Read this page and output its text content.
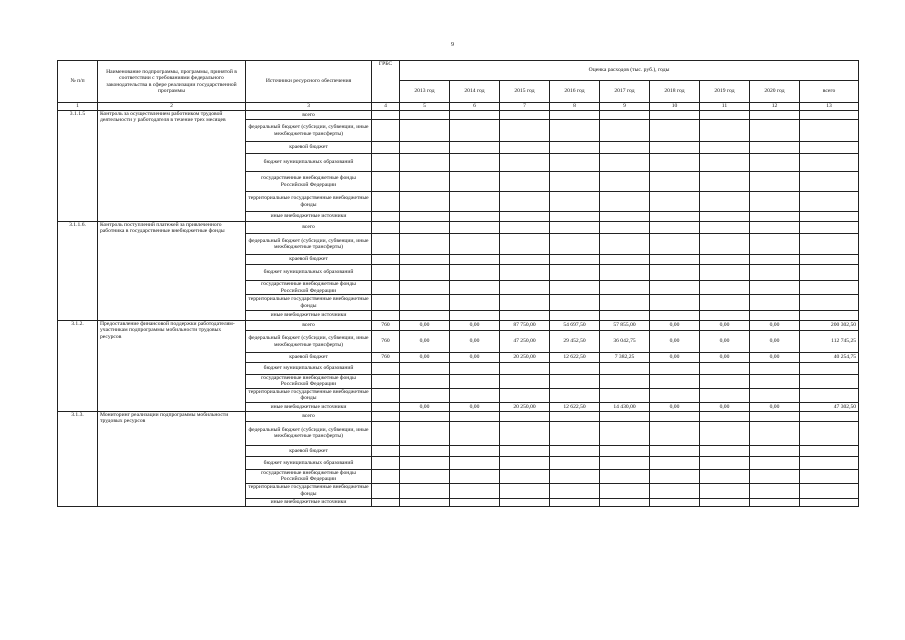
9
№ п/п	Наименование подпрограммы, программы, принятой в соответствии с требованиями федерального законодательства в сфере реализации государственной программы	Источники ресурсного обеспечения	ГРБС	Оценка расходов (тыс. руб.), годы								
				2013 год	2014 год	2015 год	2016 год	2017 год	2018 год	2019 год	2020 год	всего
1	2	3	4	5	6	7	8	9	10	11	12	13
3.1.1.5	Контроль за осуществлением работником трудовой деятельности у работодателя в течение трех месяцев	всего										
		федеральный бюджет (субсидии, субвенции, иные межбюджетные трансферты)										
		краевой бюджет										
		бюджет муниципальных образований										
		государственные внебюджетные фонды Российской Федерации										
		территориальные государственные внебюджетные фонды										
		иные внебюджетные источники										
3.1.1.6.	Контроль поступлений платежей за привлеченного работника в государственные внебюджетные фонды	всего										
		федеральный бюджет (субсидии, субвенции, иные межбюджетные трансферты)										
		краевой бюджет										
		бюджет муниципальных образований										
		государственные внебюджетные фонды Российской Федерации										
		территориальные государственные внебюджетные фонды										
		иные внебюджетные источники										
3.1.2.	Предоставление финансовой поддержки работодателям-участникам подпрограммы мобильности трудовых ресурсов	всего	760	0,00	0,00	87 750,00	54 697,50	57 855,00	0,00	0,00	0,00	200 302,50
		федеральный бюджет (субсидии, субвенции, иные межбюджетные трансферты)	760	0,00	0,00	47 250,00	29 452,50	36 042,75	0,00	0,00	0,00	112 745,25
		краевой бюджет	760	0,00	0,00	20 250,00	12 622,50	7 382,25	0,00	0,00	0,00	40 254,75
		бюджет муниципальных образований										
		государственные внебюджетные фонды Российской Федерации										
		территориальные государственные внебюджетные фонды										
		иные внебюджетные источники		0,00	0,00	20 250,00	12 622,50	14 430,00	0,00	0,00	0,00	47 302,50
3.1.3.	Мониторинг реализации подпрограммы мобильности трудовых ресурсов	всего										
		федеральный бюджет (субсидии, субвенции, иные межбюджетные трансферты)										
		краевой бюджет										
		бюджет муниципальных образований										
		государственные внебюджетные фонды Российской Федерации										
		территориальные государственные внебюджетные фонды										
		иные внебюджетные источники										
